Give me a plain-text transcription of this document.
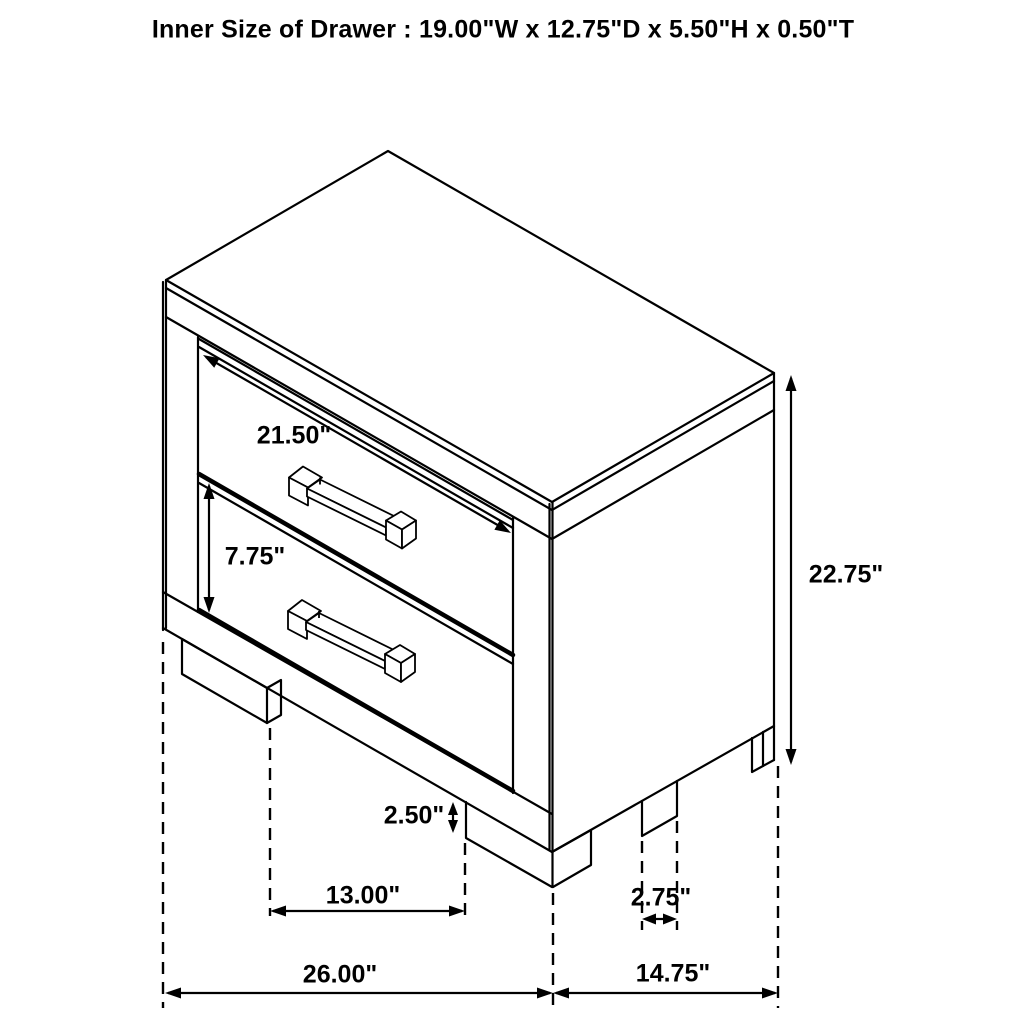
Inner Size of Drawer : 19.00"W x 12.75"D x 5.50"H x 0.50"T
21.50"
7.75"
22.75"
2.50"
13.00"	2.75"
26.00"	14.75"
